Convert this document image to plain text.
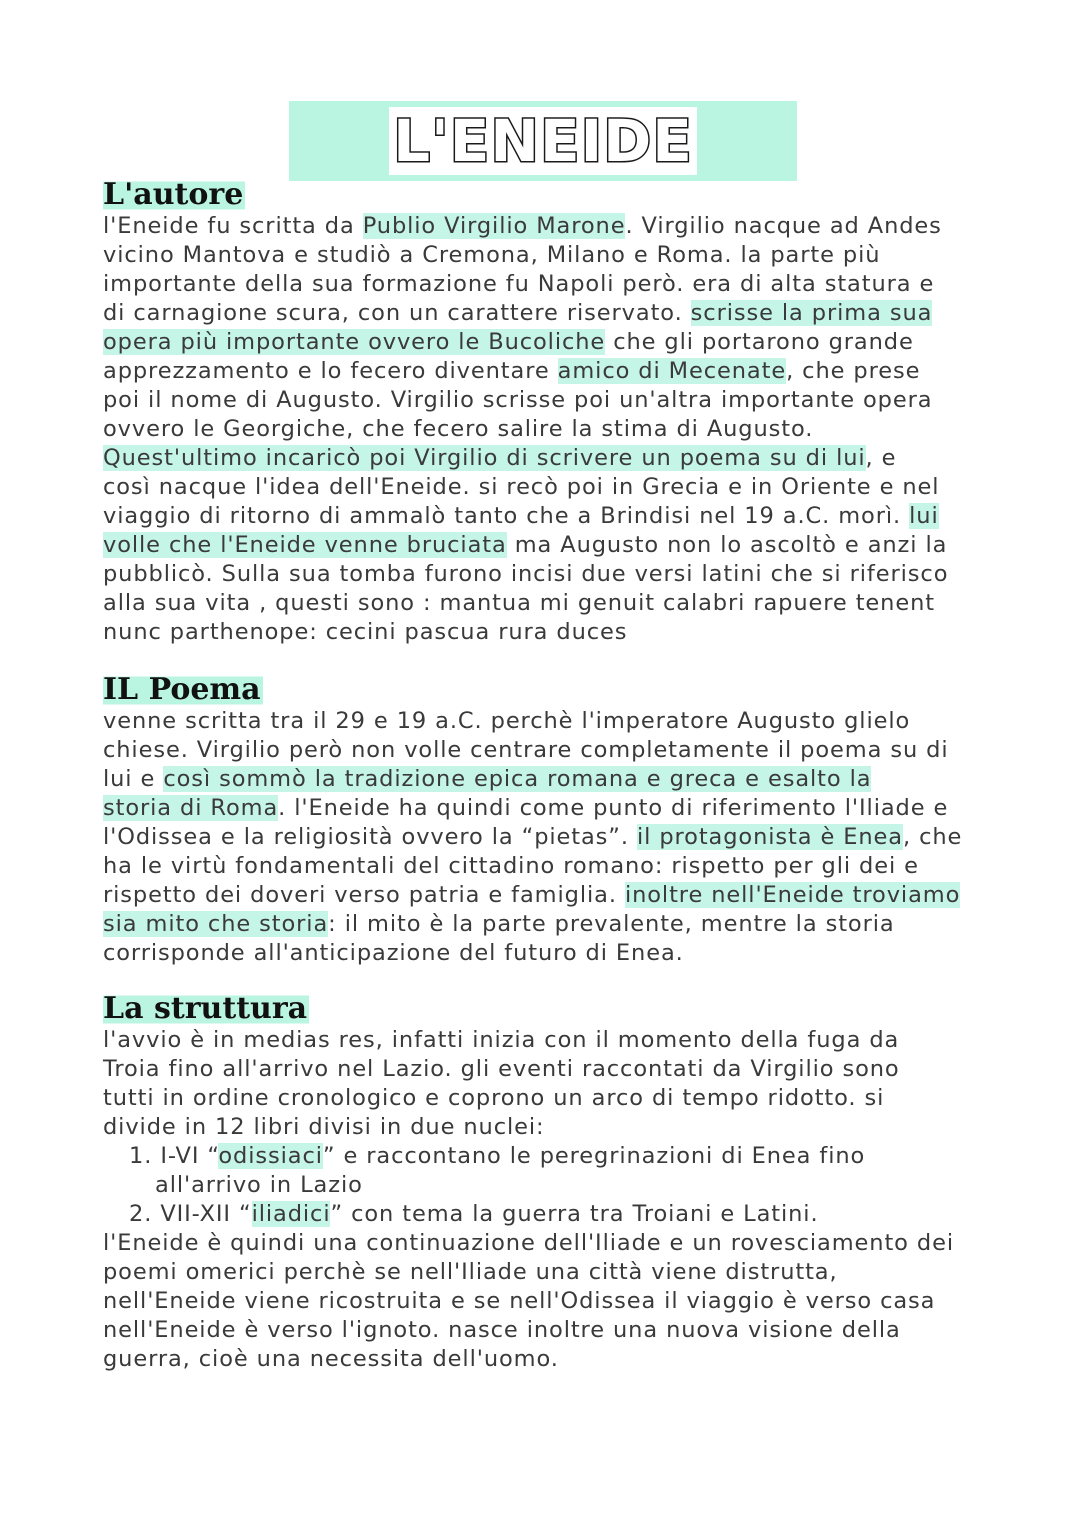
L'ENEIDE
L'autore
l'Eneide fu scritta da Publio Virgilio Marone. Virgilio nacque ad Andes
vicino Mantova e studiò a Cremona, Milano e Roma. la parte più
importante della sua formazione fu Napoli però. era di alta statura e
di carnagione scura, con un carattere riservato. scrisse la prima sua
opera più importante ovvero le Bucoliche che gli portarono grande
apprezzamento e lo fecero diventare amico di Mecenate, che prese
poi il nome di Augusto. Virgilio scrisse poi un'altra importante opera
ovvero le Georgiche, che fecero salire la stima di Augusto.
Quest'ultimo incaricò poi Virgilio di scrivere un poema su di lui, e
così nacque l'idea dell'Eneide. si recò poi in Grecia e in Oriente e nel
viaggio di ritorno di ammalò tanto che a Brindisi nel 19 a.C. morì. lui
volle che l'Eneide venne bruciata ma Augusto non lo ascoltò e anzi la
pubblicò. Sulla sua tomba furono incisi due versi latini che si riferisco
alla sua vita , questi sono : mantua mi genuit calabri rapuere tenent
nunc parthenope: cecini pascua rura duces
IL Poema
venne scritta tra il 29 e 19 a.C. perchè l'imperatore Augusto glielo
chiese. Virgilio però non volle centrare completamente il poema su di
lui e così sommò la tradizione epica romana e greca e esalto la
storia di Roma. l'Eneide ha quindi come punto di riferimento l'Iliade e
l'Odissea e la religiosità ovvero la “pietas”. il protagonista è Enea, che
ha le virtù fondamentali del cittadino romano: rispetto per gli dei e
rispetto dei doveri verso patria e famiglia. inoltre nell'Eneide troviamo
sia mito che storia: il mito è la parte prevalente, mentre la storia
corrisponde all'anticipazione del futuro di Enea.
La struttura
l'avvio è in medias res, infatti inizia con il momento della fuga da
Troia fino all'arrivo nel Lazio. gli eventi raccontati da Virgilio sono
tutti in ordine cronologico e coprono un arco di tempo ridotto. si
divide in 12 libri divisi in due nuclei:
1. I-VI “odissiaci” e raccontano le peregrinazioni di Enea fino
all'arrivo in Lazio
2. VII-XII “iliadici” con tema la guerra tra Troiani e Latini.
l'Eneide è quindi una continuazione dell'Iliade e un rovesciamento dei
poemi omerici perchè se nell'Iliade una città viene distrutta,
nell'Eneide viene ricostruita e se nell'Odissea il viaggio è verso casa
nell'Eneide è verso l'ignoto. nasce inoltre una nuova visione della
guerra, cioè una necessita dell'uomo.
